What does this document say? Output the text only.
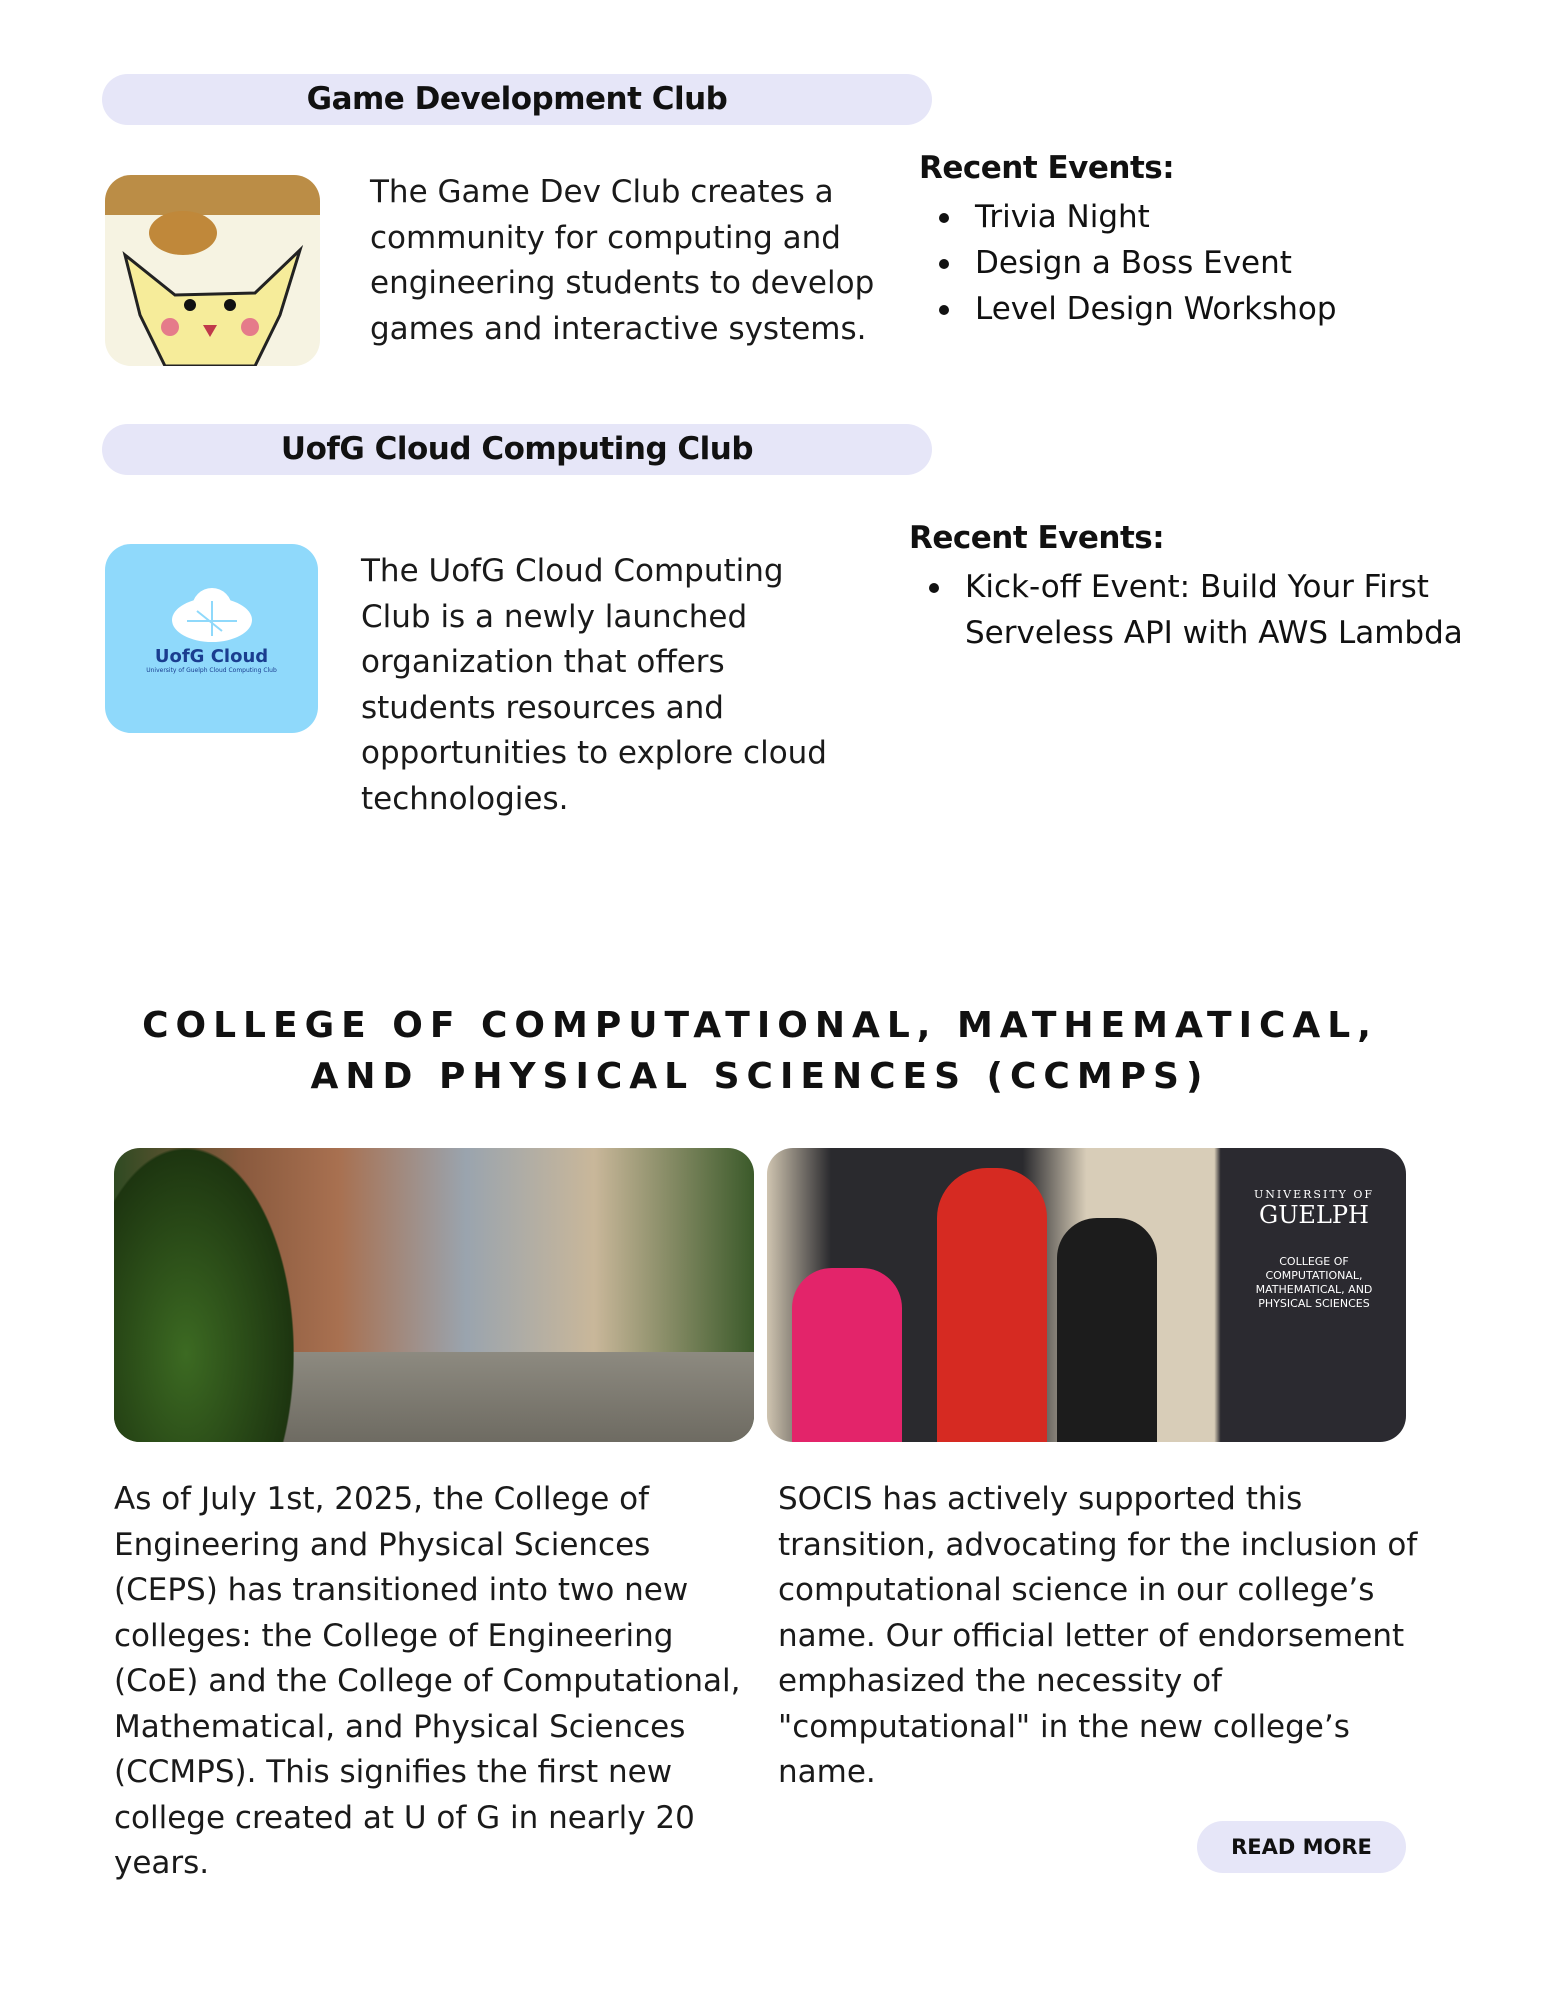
Game Development Club
The Game Dev Club creates a community for computing and engineering students to develop games and interactive systems.
Recent Events:
Trivia Night
Design a Boss Event
Level Design Workshop
UofG Cloud Computing Club
UofG Cloud
University of Guelph Cloud Computing Club
The UofG Cloud Computing Club is a newly launched organization that offers students resources and opportunities to explore cloud technologies.
Recent Events:
Kick-off Event: Build Your First Serveless API with AWS Lambda
COLLEGE OF COMPUTATIONAL, MATHEMATICAL, AND PHYSICAL SCIENCES (CCMPS)
UNIVERSITY OF
GUELPH
COLLEGE OF COMPUTATIONAL, MATHEMATICAL, AND PHYSICAL SCIENCES
As of July 1st, 2025, the College of Engineering and Physical Sciences (CEPS) has transitioned into two new colleges: the College of Engineering (CoE) and the College of Computational, Mathematical, and Physical Sciences (CCMPS). This signifies the first new college created at U of G in nearly 20 years.
SOCIS has actively supported this transition, advocating for the inclusion of computational science in our college’s name. Our official letter of endorsement emphasized the necessity of "computational" in the new college’s name.
READ MORE
